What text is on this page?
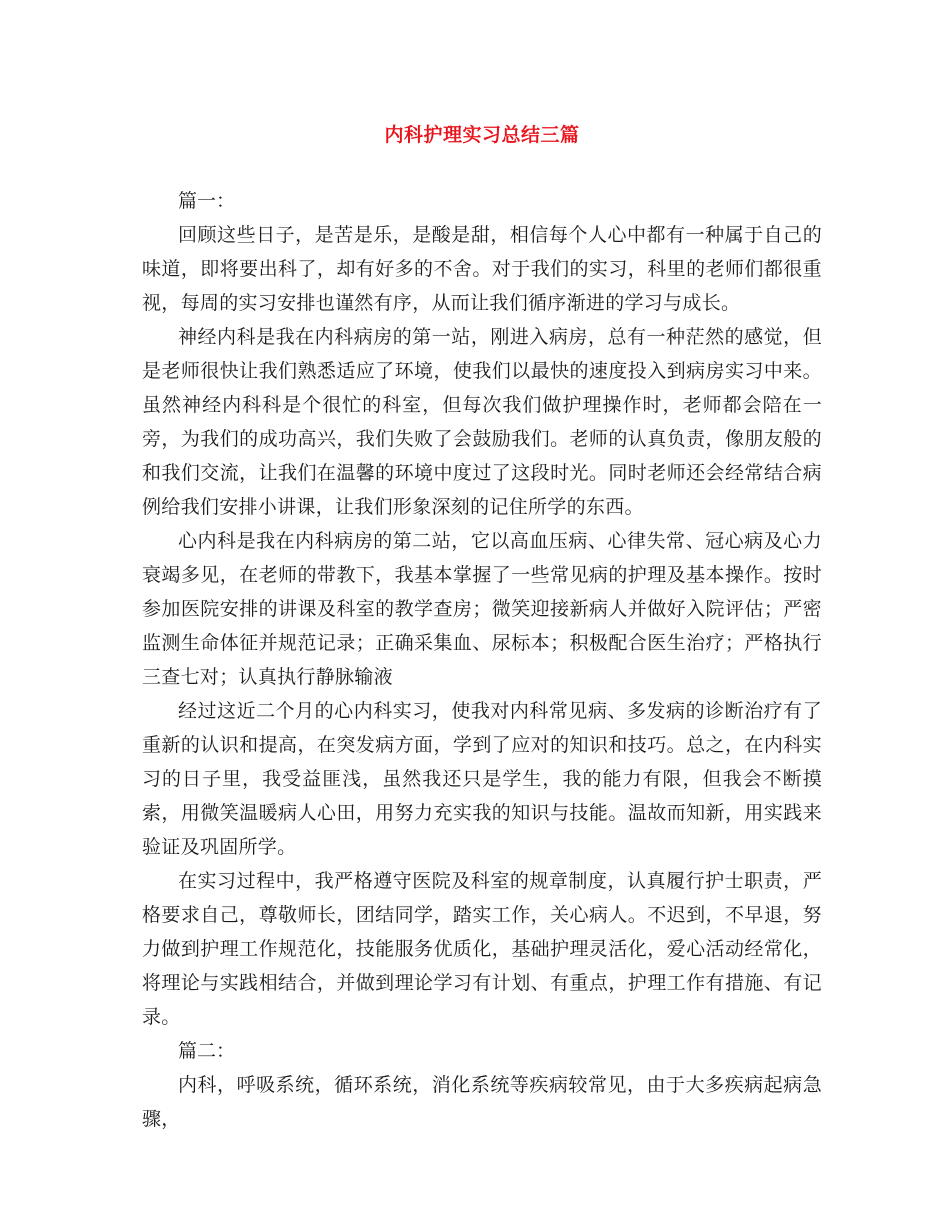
内科护理实习总结三篇

篇一：

回顾这些日子，是苦是乐，是酸是甜，相信每个人心中都有一种属于自己的味道，即将要出科了，却有好多的不舍。对于我们的实习，科里的老师们都很重视，每周的实习安排也谨然有序，从而让我们循序渐进的学习与成长。

神经内科是我在内科病房的第一站，刚进入病房，总有一种茫然的感觉，但是老师很快让我们熟悉适应了环境，使我们以最快的速度投入到病房实习中来。虽然神经内科科是个很忙的科室，但每次我们做护理操作时，老师都会陪在一旁，为我们的成功高兴，我们失败了会鼓励我们。老师的认真负责，像朋友般的和我们交流，让我们在温馨的环境中度过了这段时光。同时老师还会经常结合病例给我们安排小讲课，让我们形象深刻的记住所学的东西。

心内科是我在内科病房的第二站，它以高血压病、心律失常、冠心病及心力衰竭多见，在老师的带教下，我基本掌握了一些常见病的护理及基本操作。按时参加医院安排的讲课及科室的教学查房；微笑迎接新病人并做好入院评估；严密监测生命体征并规范记录；正确采集血、尿标本；积极配合医生治疗；严格执行三查七对；认真执行静脉输液

经过这近二个月的心内科实习，使我对内科常见病、多发病的诊断治疗有了重新的认识和提高，在突发病方面，学到了应对的知识和技巧。总之，在内科实习的日子里，我受益匪浅，虽然我还只是学生，我的能力有限，但我会不断摸索，用微笑温暖病人心田，用努力充实我的知识与技能。温故而知新，用实践来验证及巩固所学。

在实习过程中，我严格遵守医院及科室的规章制度，认真履行护士职责，严格要求自己，尊敬师长，团结同学，踏实工作，关心病人。不迟到，不早退，努力做到护理工作规范化，技能服务优质化，基础护理灵活化，爱心活动经常化，将理论与实践相结合，并做到理论学习有计划、有重点，护理工作有措施、有记录。

篇二：

内科，呼吸系统，循环系统，消化系统等疾病较常见，由于大多疾病起病急骤，
